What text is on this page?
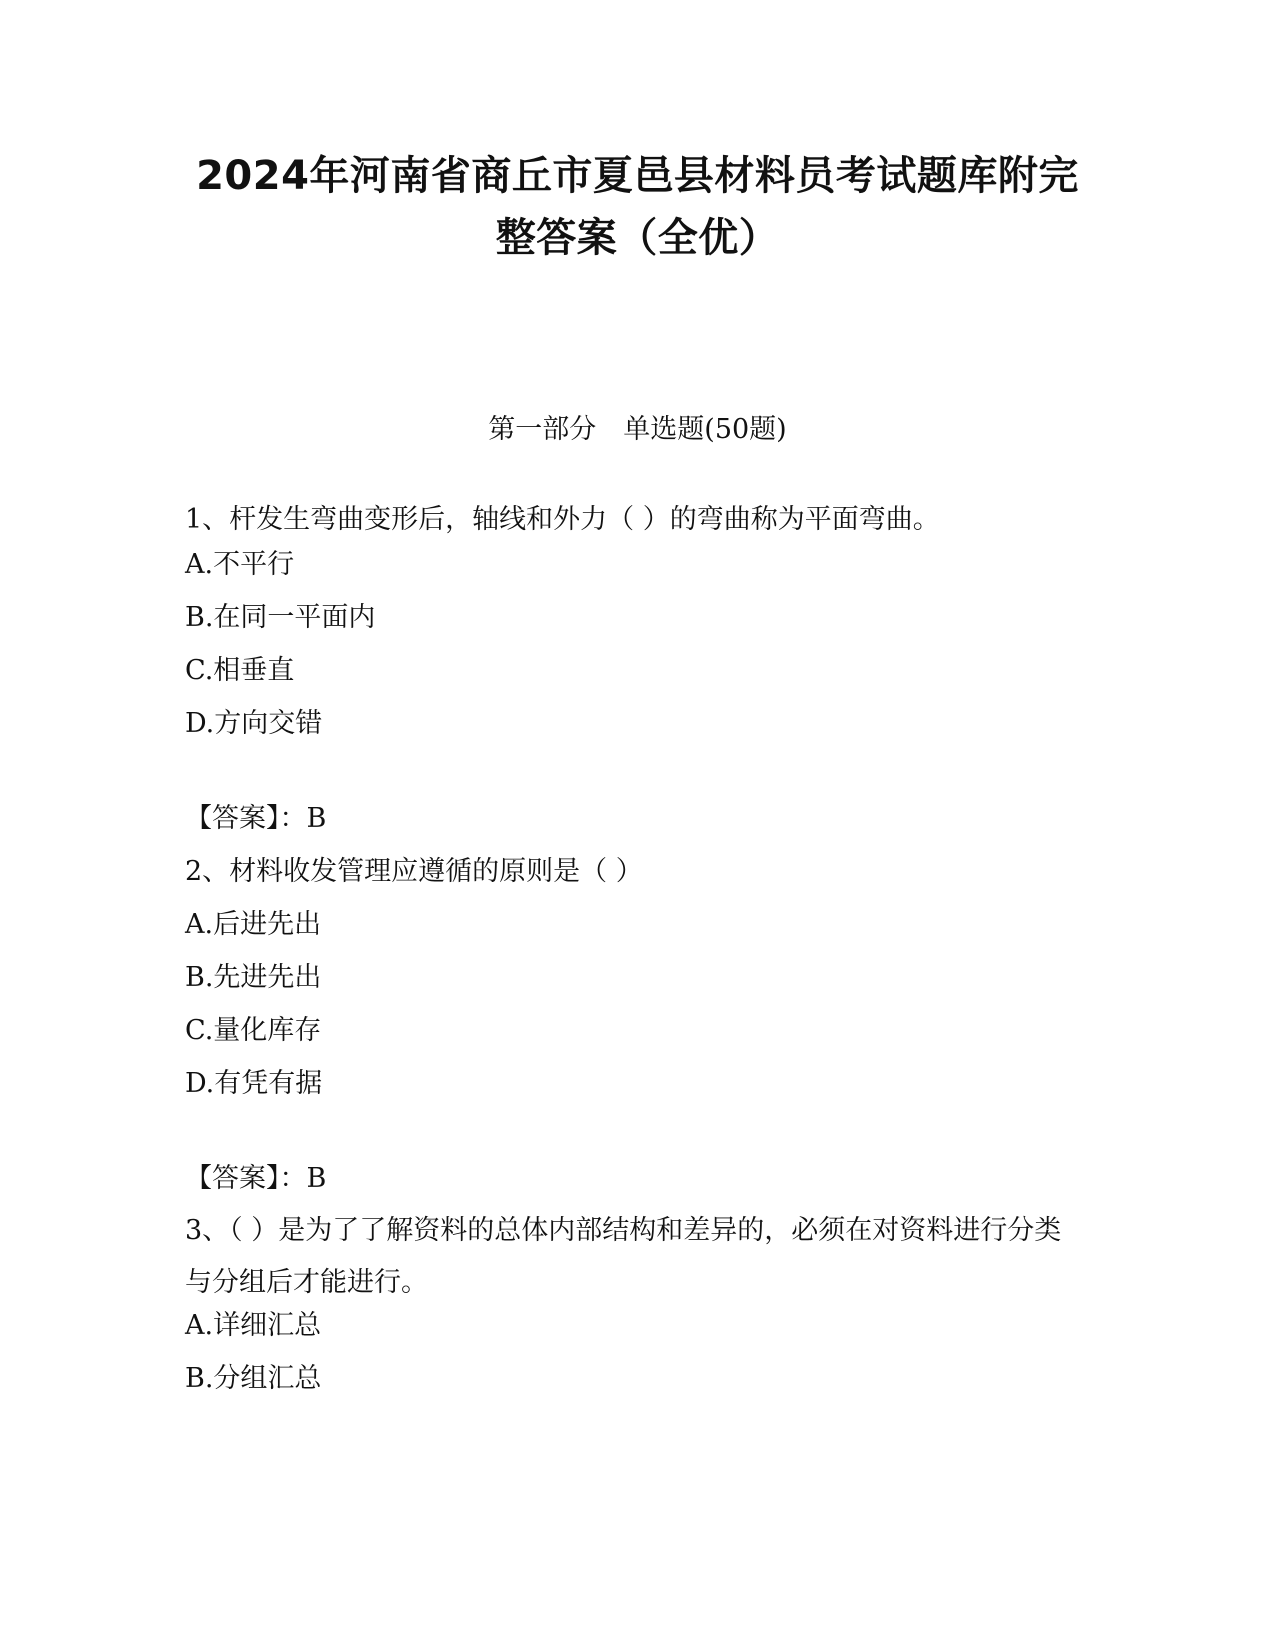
2024年河南省商丘市夏邑县材料员考试题库附完
整答案（全优）
第一部分　单选题(50题)
1、杆发生弯曲变形后，轴线和外力（ ）的弯曲称为平面弯曲。
A.不平行
B.在同一平面内
C.相垂直
D.方向交错
【答案】：B
2、材料收发管理应遵循的原则是（ ）
A.后进先出
B.先进先出
C.量化库存
D.有凭有据
【答案】：B
3、（ ）是为了了解资料的总体内部结构和差异的，必须在对资料进行分类与分组后才能进行。
A.详细汇总
B.分组汇总
